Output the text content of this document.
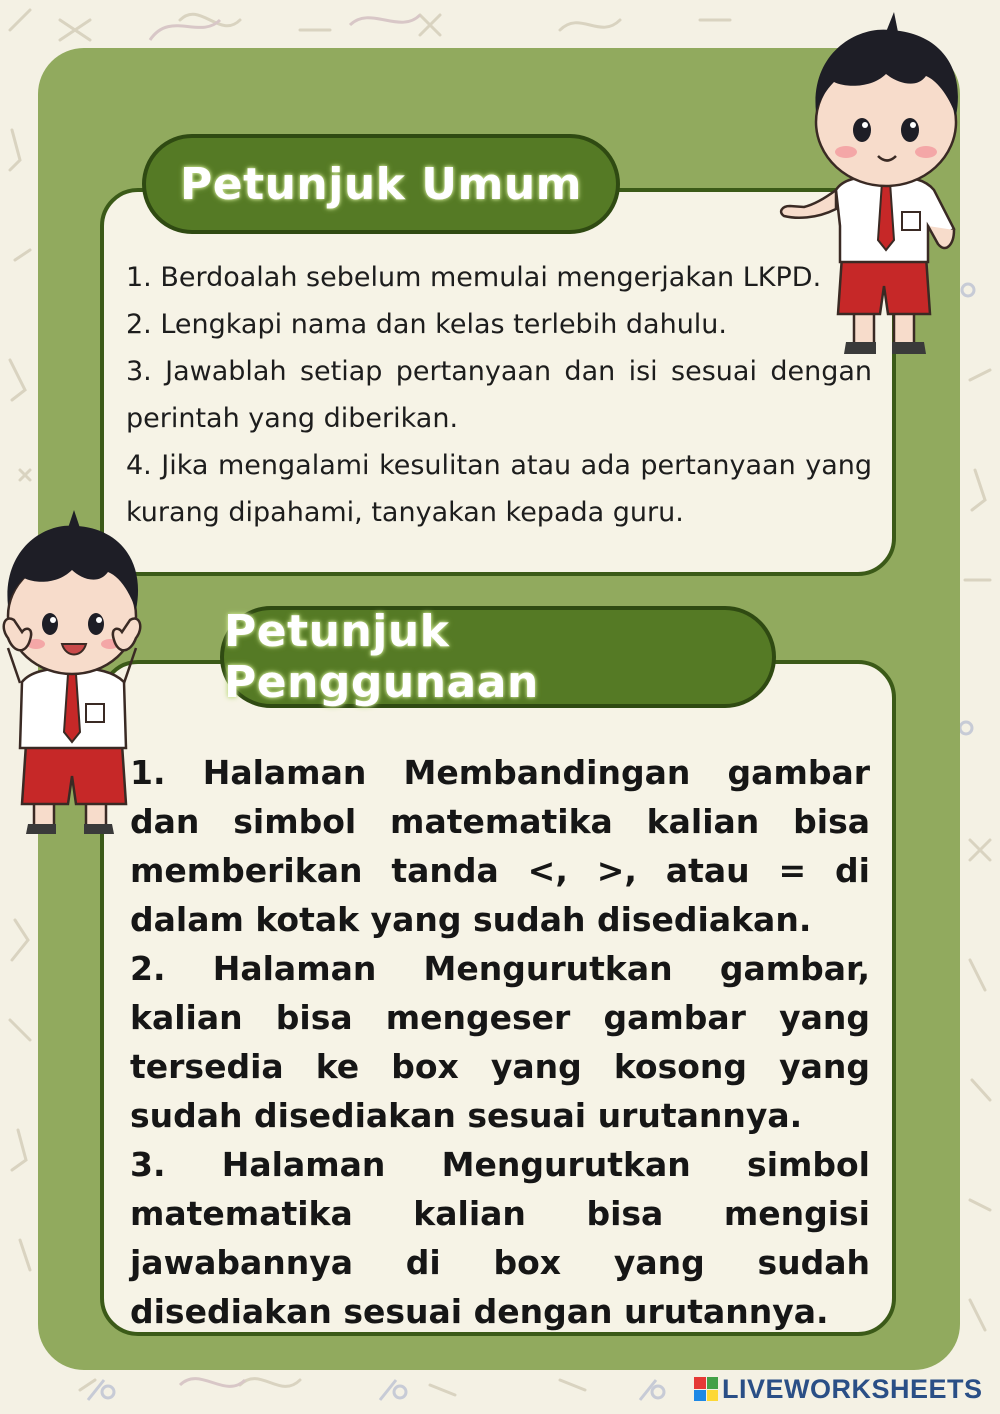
Petunjuk Umum
1. Berdoalah sebelum memulai mengerjakan LKPD.
2. Lengkapi nama dan kelas terlebih dahulu.
3. Jawablah setiap pertanyaan dan isi sesuai dengan perintah yang diberikan.
4. Jika mengalami kesulitan atau ada pertanyaan yang kurang dipahami, tanyakan kepada guru.
Petunjuk Penggunaan
1. Halaman Membandingan gambar dan simbol matematika kalian bisa memberikan tanda <, >, atau = di dalam kotak yang sudah disediakan.
2. Halaman Mengurutkan gambar, kalian bisa mengeser gambar yang tersedia ke box yang kosong yang sudah disediakan sesuai urutannya.
3. Halaman Mengurutkan simbol matematika kalian bisa mengisi jawabannya di box yang sudah disediakan sesuai dengan urutannya.
LIVEWORKSHEETS
